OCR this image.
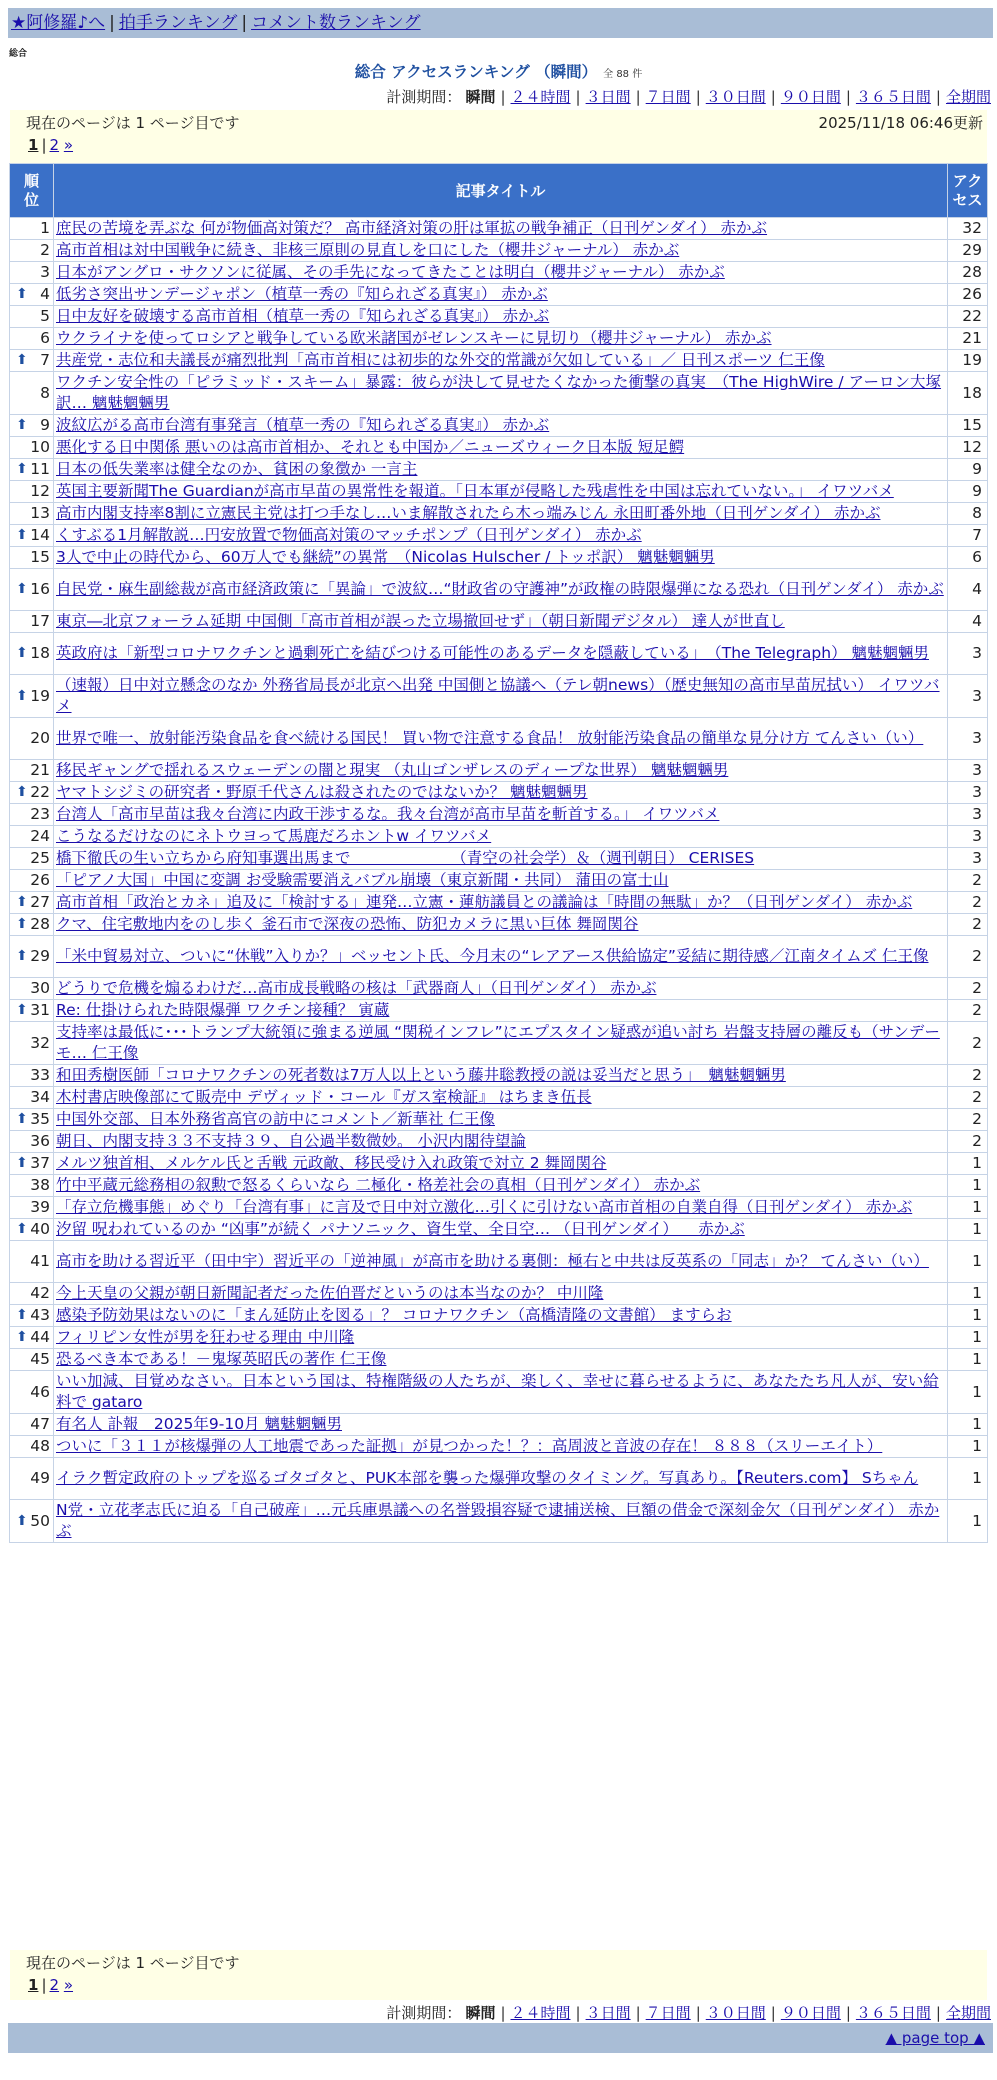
★阿修羅♪へ | 拍手ランキング | コメント数ランキング
総合
総合 アクセスランキング （瞬間） 全 88 件
計測期間： 瞬間 | ２４時間 | ３日間 | ７日間 | ３０日間 | ９０日間 | ３６５日間 | 全期間
現在のページは 1 ページ目です	2025/11/18 06:46更新
1 | 2 »
順位	記事タイトル	アクセス
1	庶民の苦境を弄ぶな 何が物価高対策だ？ 高市経済対策の肝は軍拡の戦争補正（日刊ゲンダイ） 赤かぶ	32
2	高市首相は対中国戦争に続き、非核三原則の見直しを口にした（櫻井ジャーナル） 赤かぶ	29
3	日本がアングロ・サクソンに従属、その手先になってきたことは明白（櫻井ジャーナル） 赤かぶ	28

⬆ 4	低劣さ突出サンデージャポン（植草一秀の『知られざる真実』） 赤かぶ	26
5	日中友好を破壊する高市首相（植草一秀の『知られざる真実』） 赤かぶ	22
6	ウクライナを使ってロシアと戦争している欧米諸国がゼレンスキーに見切り（櫻井ジャーナル） 赤かぶ	21

⬆ 7	共産党・志位和夫議長が痛烈批判「高市首相には初歩的な外交的常識が欠如している」／ 日刊スポーツ 仁王像	19
8	ワクチン安全性の「ピラミッド・スキーム」暴露：彼らが決して見せたくなかった衝撃の真実　（The HighWire / アーロン大塚訳… 魑魅魍魎男	18

⬆ 9	波紋広がる高市台湾有事発言（植草一秀の『知られざる真実』） 赤かぶ	15
10	悪化する日中関係 悪いのは高市首相か、それとも中国か／ニューズウィーク日本版 短足鰐	12

⬆ 11	日本の低失業率は健全なのか、貧困の象徴か 一言主	9
12	英国主要新聞The Guardianが高市早苗の異常性を報道。「日本軍が侵略した残虐性を中国は忘れていない。」 イワツバメ	9
13	高市内閣支持率8割に立憲民主党は打つ手なし…いま解散されたら木っ端みじん 永田町番外地（日刊ゲンダイ） 赤かぶ	8

⬆ 14	くすぶる1月解散説…円安放置で物価高対策のマッチポンプ（日刊ゲンダイ） 赤かぶ	7
15	3人で中止の時代から、60万人でも継続”の異常　（Nicolas Hulscher / トッポ訳） 魑魅魍魎男	6

⬆ 16	自民党・麻生副総裁が高市経済政策に「異論」で波紋…“財政省の守護神”が政権の時限爆弾になる恐れ（日刊ゲンダイ） 赤かぶ	4
17	東京―北京フォーラム延期 中国側「高市首相が誤った立場撤回せず」（朝日新聞デジタル） 達人が世直し	4

⬆ 18	英政府は「新型コロナワクチンと過剰死亡を結びつける可能性のあるデータを隠蔽している」　（The Telegraph） 魑魅魍魎男	3

⬆ 19	（速報）日中対立懸念のなか 外務省局長が北京へ出発 中国側と協議へ（テレ朝news）（歴史無知の高市早苗尻拭い） イワツバメ	3
20	世界で唯一、放射能汚染食品を食べ続ける国民！ 買い物で注意する食品！ 放射能汚染食品の簡単な見分け方 てんさい（い）	3
21	移民ギャングで揺れるスウェーデンの闇と現実 （丸山ゴンザレスのディープな世界） 魑魅魍魎男	3

⬆ 22	ヤマトシジミの研究者・野原千代さんは殺されたのではないか？ 魑魅魍魎男	3
23	台湾人「高市早苗は我々台湾に内政干渉するな。我々台湾が高市早苗を斬首する。」 イワツバメ	3
24	こうなるだけなのにネトウヨって馬鹿だろホントw イワツバメ	3
25	橋下徹氏の生い立ちから府知事選出馬まで　　　　　　　（青空の社会学）＆（週刊朝日） CERISES	3
26	「ピアノ大国」中国に変調 お受験需要消えバブル崩壊（東京新聞・共同） 蒲田の富士山	2

⬆ 27	高市首相「政治とカネ」追及に「検討する」連発…立憲・蓮舫議員との議論は「時間の無駄」か？（日刊ゲンダイ） 赤かぶ	2

⬆ 28	クマ、住宅敷地内をのし歩く 釜石市で深夜の恐怖、防犯カメラに黒い巨体 舞岡関谷	2

⬆ 29	「米中貿易対立、ついに“休戦”入りか？」ベッセント氏、今月末の“レアアース供給協定”妥結に期待感／江南タイムズ 仁王像	2
30	どうりで危機を煽るわけだ…高市成長戦略の核は「武器商人」（日刊ゲンダイ） 赤かぶ	2

⬆ 31	Re: 仕掛けられた時限爆弾 ワクチン接種？ 寅蔵	2
32	支持率は最低に･･･トランプ大統領に強まる逆風 “関税インフレ”にエプスタイン疑惑が追い討ち 岩盤支持層の離反も（サンデーモ… 仁王像	2
33	和田秀樹医師「コロナワクチンの死者数は7万人以上という藤井聡教授の説は妥当だと思う」　魑魅魍魎男	2
34	木村書店映像部にて販売中 デヴィッド・コール『ガス室検証』 はちまき伍長	2

⬆ 35	中国外交部、日本外務省高官の訪中にコメント／新華社 仁王像	2
36	朝日、内閣支持３３不支持３９、自公過半数微妙。 小沢内閣待望論	2

⬆ 37	メルツ独首相、メルケル氏と舌戦 元政敵、移民受け入れ政策で対立 2 舞岡関谷	1
38	竹中平蔵元総務相の叙勲で怒るくらいなら 二極化・格差社会の真相（日刊ゲンダイ） 赤かぶ	1
39	「存立危機事態」めぐり「台湾有事」に言及で日中対立激化…引くに引けない高市首相の自業自得（日刊ゲンダイ） 赤かぶ	1

⬆ 40	汐留 呪われているのか “凶事”が続く パナソニック、資生堂、全日空… （日刊ゲンダイ） 　赤かぶ	1
41	高市を助ける習近平（田中宇）習近平の「逆神風」が高市を助ける裏側：極右と中共は反英系の「同志」か？ てんさい（い）	1
42	今上天皇の父親が朝日新聞記者だった佐伯晋だというのは本当なのか？ 中川隆	1

⬆ 43	感染予防効果はないのに「まん延防止を図る」？ コロナワクチン（高橋清隆の文書館） ますらお	1

⬆ 44	フィリピン女性が男を狂わせる理由 中川隆	1
45	恐るべき本である！－鬼塚英昭氏の著作 仁王像	1
46	いい加減、目覚めなさい。日本という国は、特権階級の人たちが、楽しく、幸せに暮らせるように、あなたたち凡人が、安い給料で gataro	1
47	有名人 訃報　2025年9-10月 魑魅魍魎男	1
48	ついに「３１１が核爆弾の人工地震であった証拠」が見つかった！？：高周波と音波の存在！ ８８８（スリーエイト）	1
49	イラク暫定政府のトップを巡るゴタゴタと、PUK本部を襲った爆弾攻撃のタイミング。写真あり。【Reuters.com】 Sちゃん	1

⬆ 50	N党・立花孝志氏に迫る「自己破産」…元兵庫県議への名誉毀損容疑で逮捕送検、巨額の借金で深刻金欠（日刊ゲンダイ） 赤かぶ	1
現在のページは 1 ページ目です
1 | 2 »
計測期間： 瞬間 | ２４時間 | ３日間 | ７日間 | ３０日間 | ９０日間 | ３６５日間 | 全期間
▲ page top ▲
